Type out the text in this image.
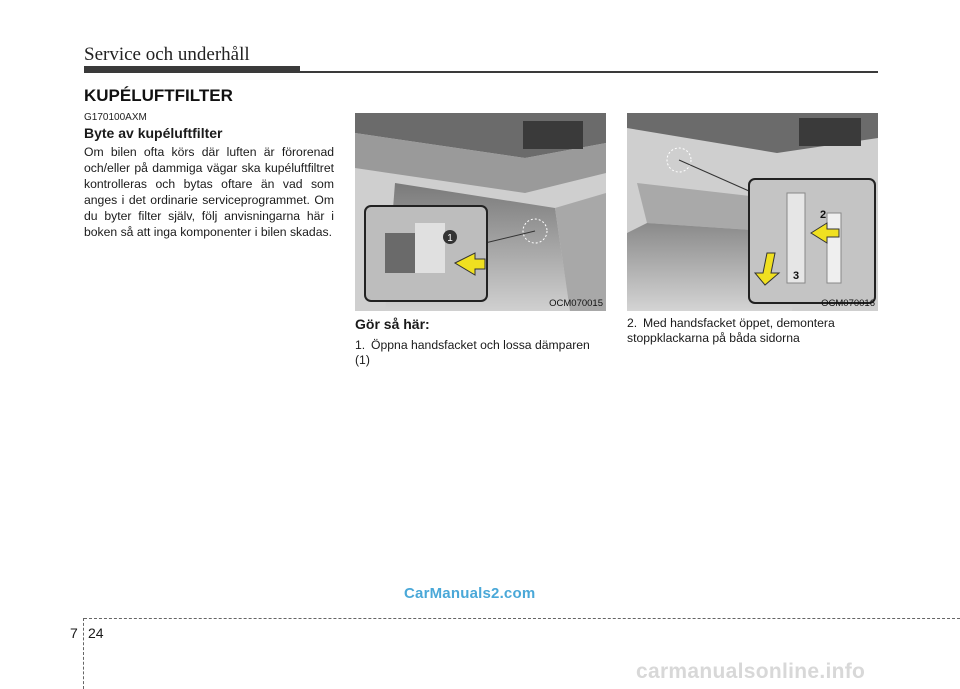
Service och underhåll
KUPÉLUFTFILTER
G170100AXM
Byte av kupéluftfilter

Om bilen ofta körs där luften är förorenad och/eller på dammiga vägar ska kupéluftfiltret kontrolleras och bytas oftare än vad som anges i det ordinarie serviceprogrammet. Om du byter filter själv, följ anvisningarna här i boken så att inga komponenter i bilen skadas.	1
OCM070015
2
3
OCM070016
Gör så här:

1. Öppna handsfacket och lossa dämparen (1)

2. Med handsfacket öppet, demontera stoppklackarna på båda sidorna

CarManuals2.com
7 24
carmanualsonline.info
